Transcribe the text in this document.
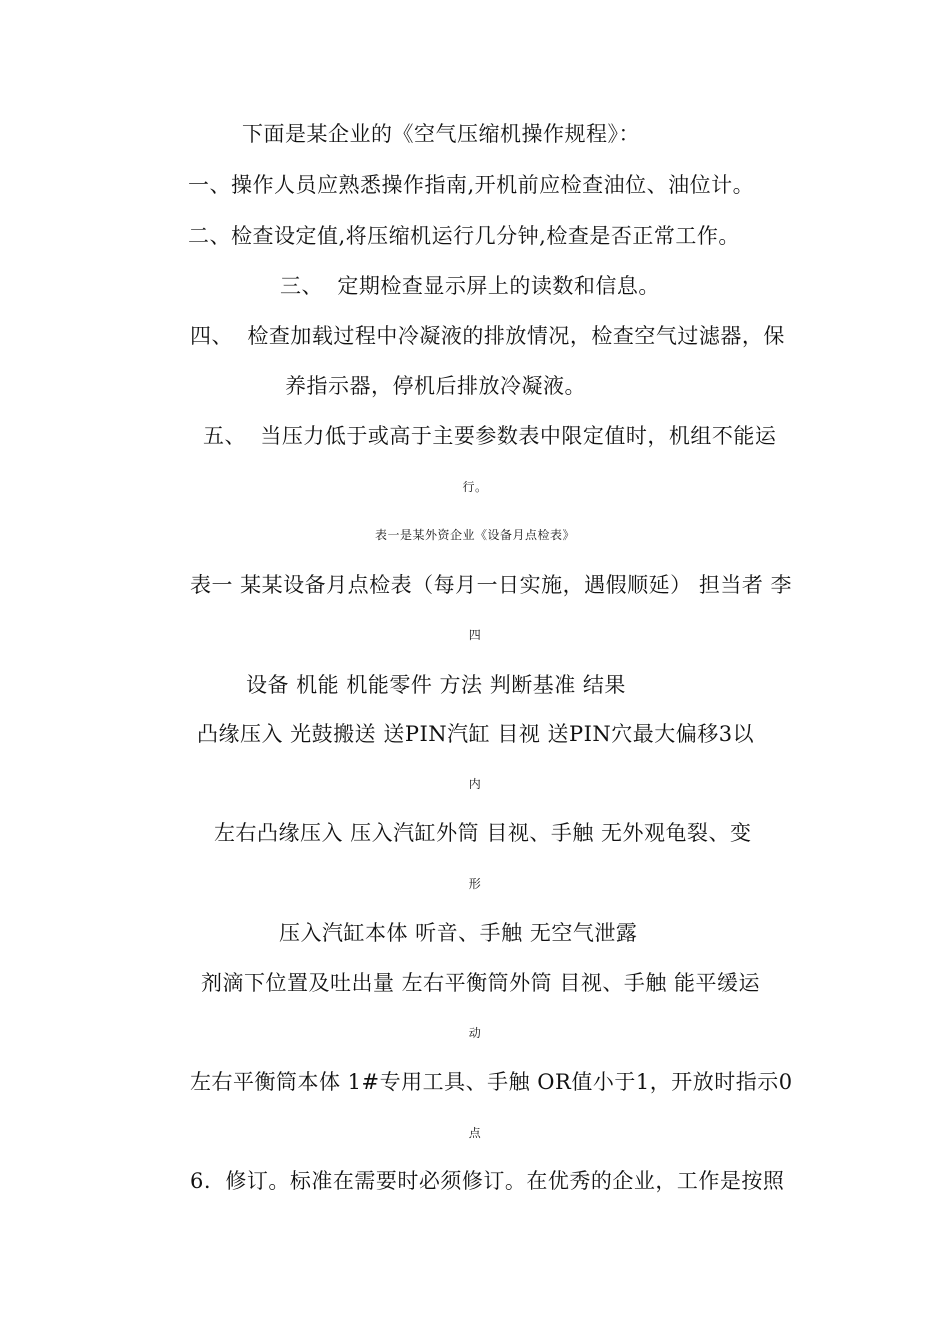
下面是某企业的《空气压缩机操作规程》：
一、操作人员应熟悉操作指南,开机前应检查油位、油位计。
二、检查设定值,将压缩机运行几分钟,检查是否正常工作。
三、  定期检查显示屏上的读数和信息。
四、  检查加载过程中冷凝液的排放情况，检查空气过滤器，保
养指示器，停机后排放冷凝液。
五、  当压力低于或高于主要参数表中限定值时，机组不能运
行。
表一是某外资企业《设备月点检表》
表一 某某设备月点检表（每月一日实施，遇假顺延） 担当者 李
四
设备 机能 机能零件 方法 判断基准 结果
凸缘压入 光鼓搬送 送PIN汽缸 目视 送PIN穴最大偏移3以
内
左右凸缘压入 压入汽缸外筒 目视、手触 无外观龟裂、变
形
压入汽缸本体 听音、手触 无空气泄露
剂滴下位置及吐出量 左右平衡筒外筒 目视、手触 能平缓运
动
左右平衡筒本体 1#专用工具、手触 OR值小于1，开放时指示0
点
6.  修订。标准在需要时必须修订。在优秀的企业，工作是按照
